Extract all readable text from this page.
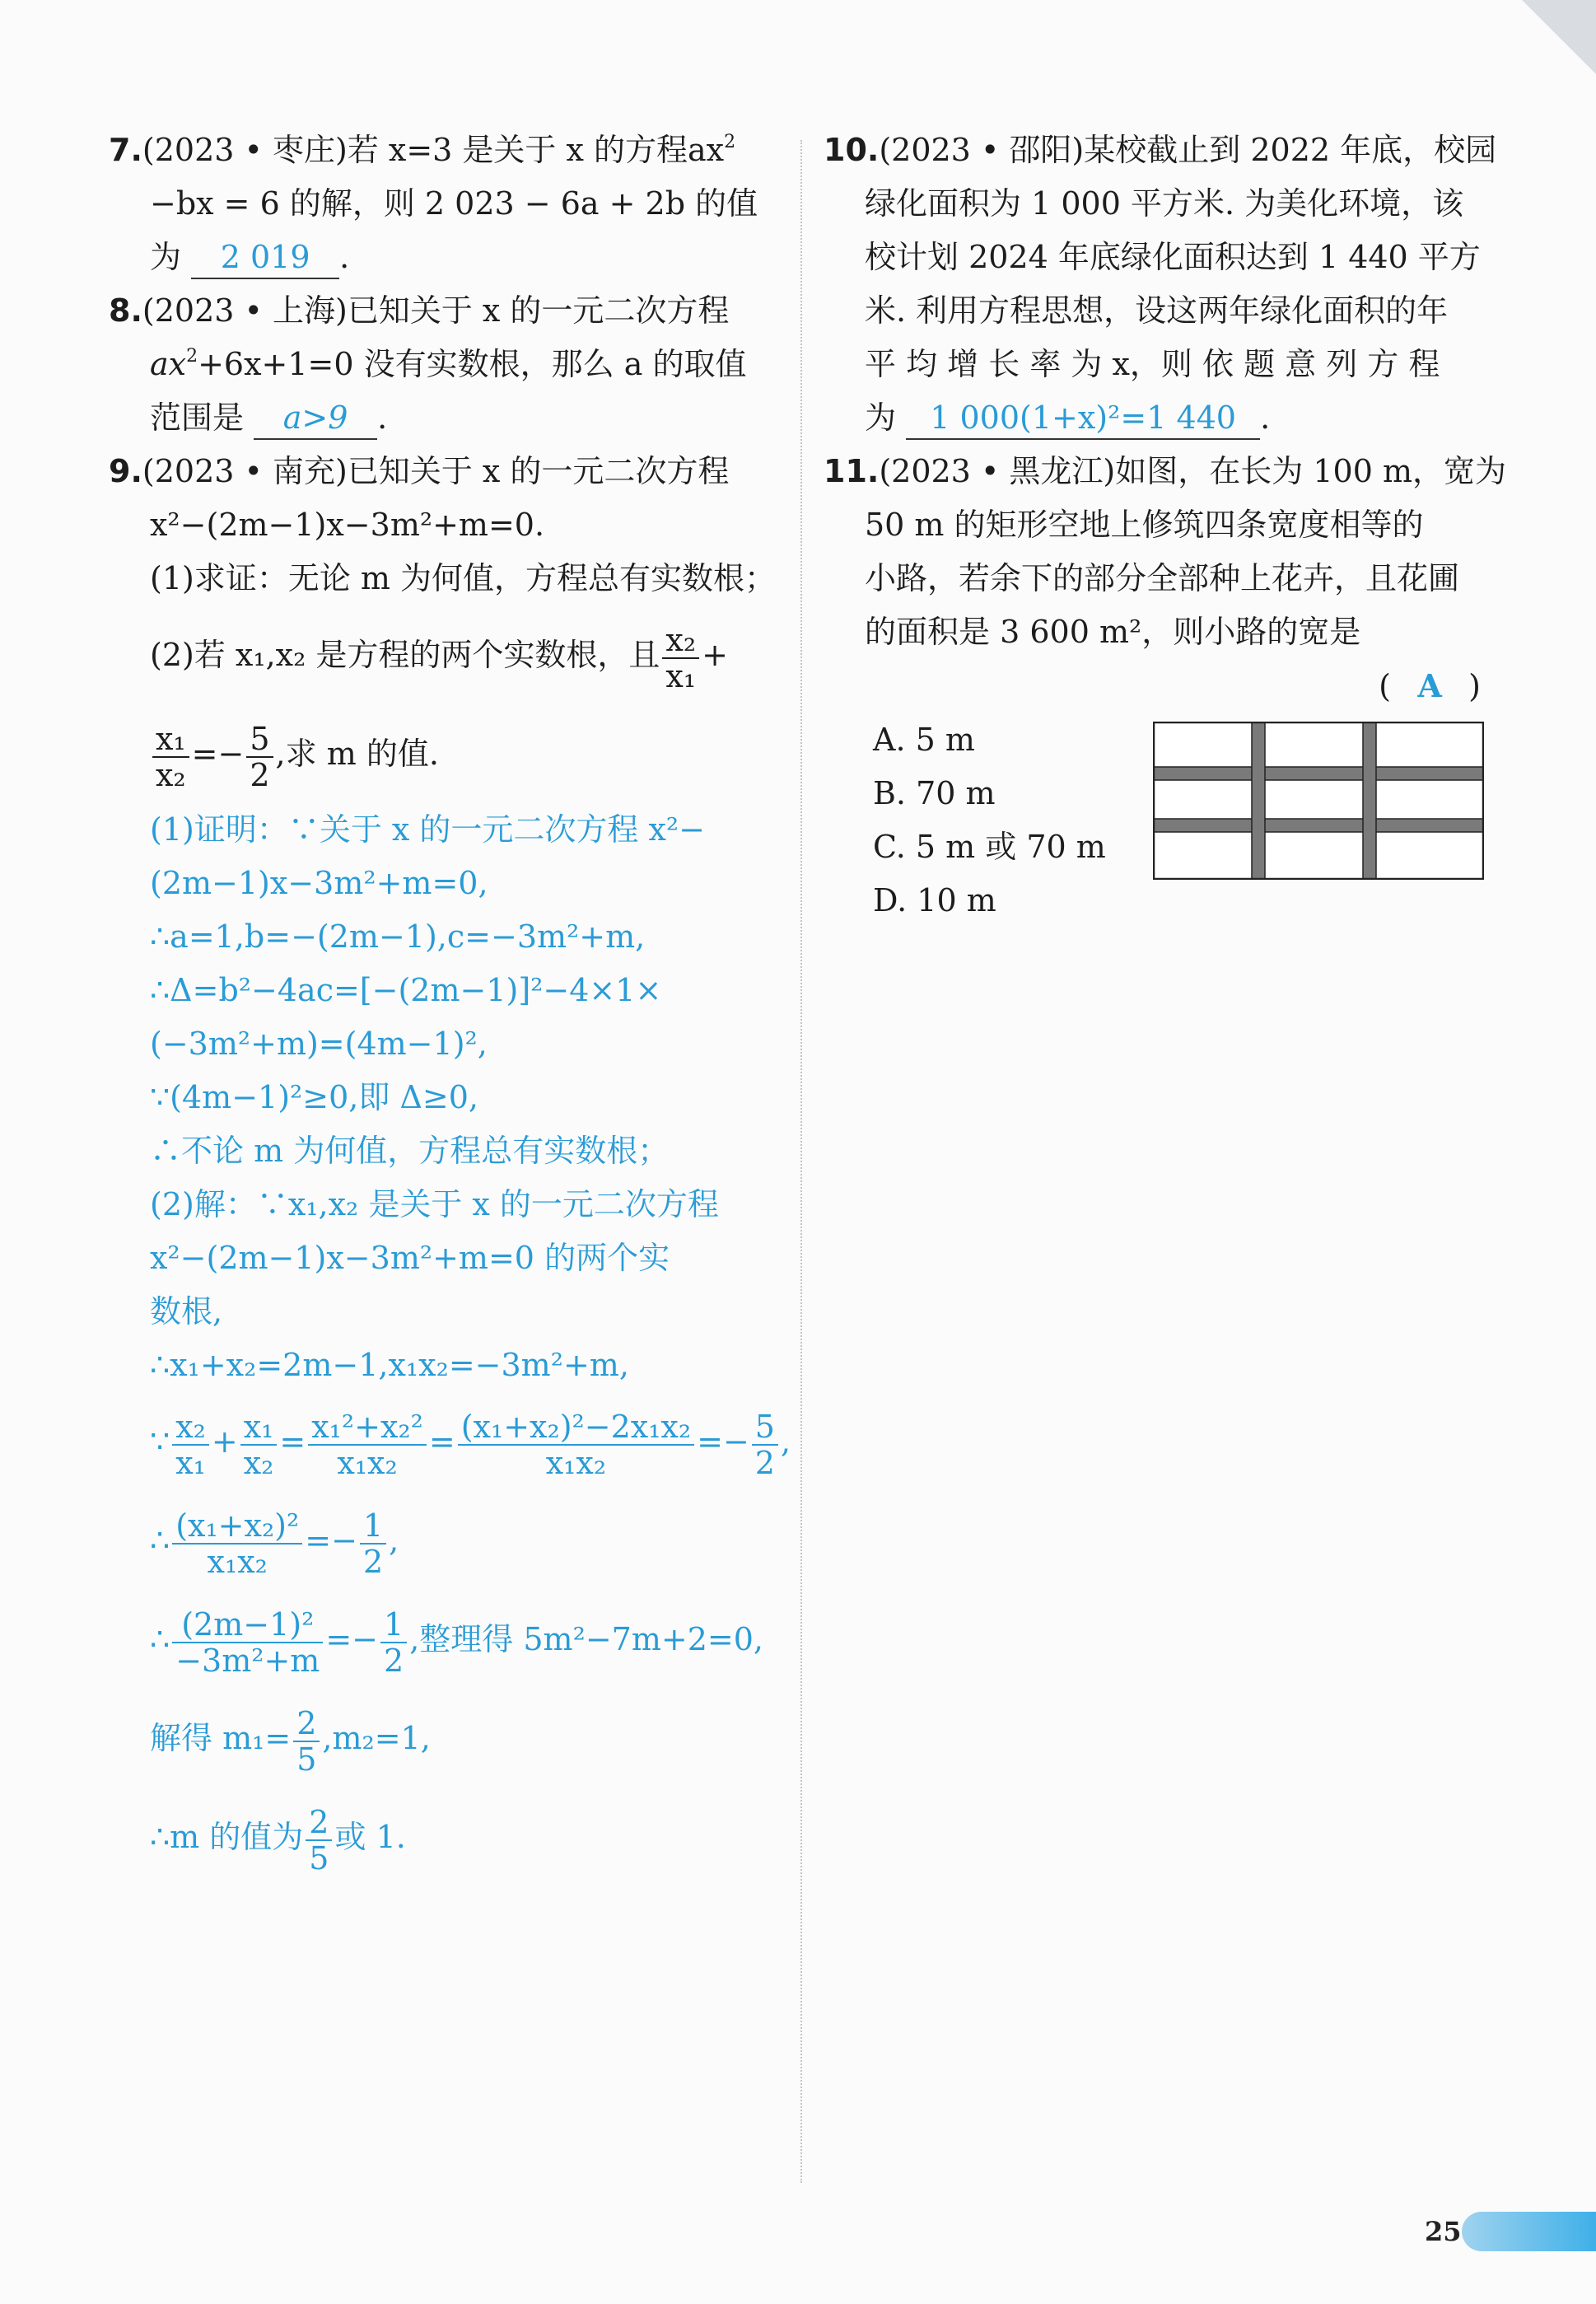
7.(2023 • 枣庄)若 x=3 是关于 x 的方程$ax^2$
−bx = 6 的解，则 2 023 − 6a + 2b 的值
为 2 019 .
8.(2023 • 上海)已知关于 x 的一元二次方程
$ax^2+6x+1=0$ 没有实数根，那么 a 的取值
范围是 a>9 .
9.(2023 • 南充)已知关于 x 的一元二次方程
x²−(2m−1)x−3m²+m=0.
(1)求证：无论 m 为何值，方程总有实数根；
(2)若 x₁,x₂ 是方程的两个实数根，且 $\frac{\text{x₂}}{\text{x₁}}$ +
$\frac{\text{x₁}}{\text{x₂}} =- \frac{5}{2}$ ,求 m 的值.
(1)证明：∵关于 x 的一元二次方程 x²−
(2m−1)x−3m²+m=0,
∴a=1,b=−(2m−1),c=−3m²+m,
∴Δ=b²−4ac=[−(2m−1)]²−4×1×
(−3m²+m)=(4m−1)²,
∵(4m−1)²≥0,即 Δ≥0,
∴不论 m 为何值，方程总有实数根；
(2)解：∵x₁,x₂ 是关于 x 的一元二次方程
x²−(2m−1)x−3m²+m=0 的两个实
数根,
∴x₁+x₂=2m−1,x₁x₂=−3m²+m,
∵ $\frac{\text{x₂}}{\text{x₁}} + \frac{\text{x₁}}{\text{x₂}} = \frac{\text{x₁²+x₂²}}{\text{x₁x₂}} = \frac{\text{(x₁+x₂)²−2x₁x₂}}{\text{x₁x₂}} =- \frac{5}{2}$ ,
∴ $\frac{\text{(x₁+x₂)²}}{\text{x₁x₂}} =- \frac{1}{2}$ ,
∴ $\frac{\text{(2m−1)²}}{\text{−3m²+m}} =- \frac{1}{2}$ ,整理得 5m²−7m+2=0,
解得 $m_1= \frac{2}{5} ,m_2=1$,
∴m 的值为 $\frac{2}{5}$ 或 1.
10.(2023 • 邵阳)某校截止到 2022 年底，校园
绿化面积为 1 000 平方米. 为美化环境，该
校计划 2024 年底绿化面积达到 1 440 平方
米. 利用方程思想，设这两年绿化面积的年
平 均 增 长 率 为 x，则 依 题 意 列 方 程
为 1 000(1+x)²=1 440 .
11.(2023 • 黑龙江)如图，在长为 100 m，宽为
50 m 的矩形空地上修筑四条宽度相等的
小路，若余下的部分全部种上花卉，且花圃
的面积是 3 600 m²，则小路的宽是
( A )
A. 5 m
B. 70 m
C. 5 m 或 70 m
D. 10 m
25
